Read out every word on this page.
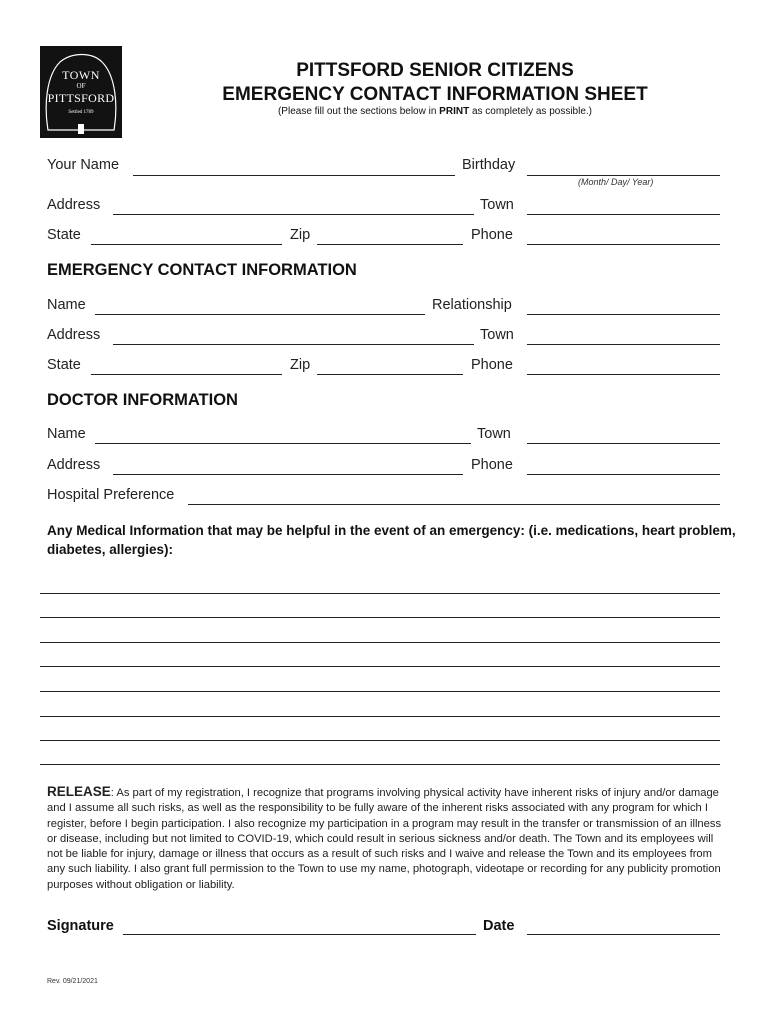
TOWN
OF
PITTSFORD
Settled 1789
PITTSFORD SENIOR CITIZENS
EMERGENCY CONTACT INFORMATION SHEET
(Please fill out the sections below in PRINT as completely as possible.)
Your Name	Birthday
(Month/ Day/ Year)
Address	Town
State	Zip	Phone
EMERGENCY CONTACT INFORMATION
Name	Relationship
Address	Town
State	Zip	Phone
DOCTOR INFORMATION
Name	Town
Address	Phone
Hospital Preference
Any Medical Information that may be helpful in the event of an emergency: (i.e. medications, heart problem, diabetes, allergies):
RELEASE: As part of my registration, I recognize that programs involving physical activity have inherent risks of injury and/or damage and I assume all such risks, as well as the responsibility to be fully aware of the inherent risks associated with any program for which I register, before I begin participation. I also recognize my participation in a program may result in the transfer or transmission of an illness or disease, including but not limited to COVID-19, which could result in serious sickness and/or death. The Town and its employees will not be liable for injury, damage or illness that occurs as a result of such risks and I waive and release the Town and its employees from any such liability. I also grant full permission to the Town to use my name, photograph, videotape or recording for any publicity promotion purposes without obligation or liability.
Signature	Date
Rev. 09/21/2021
